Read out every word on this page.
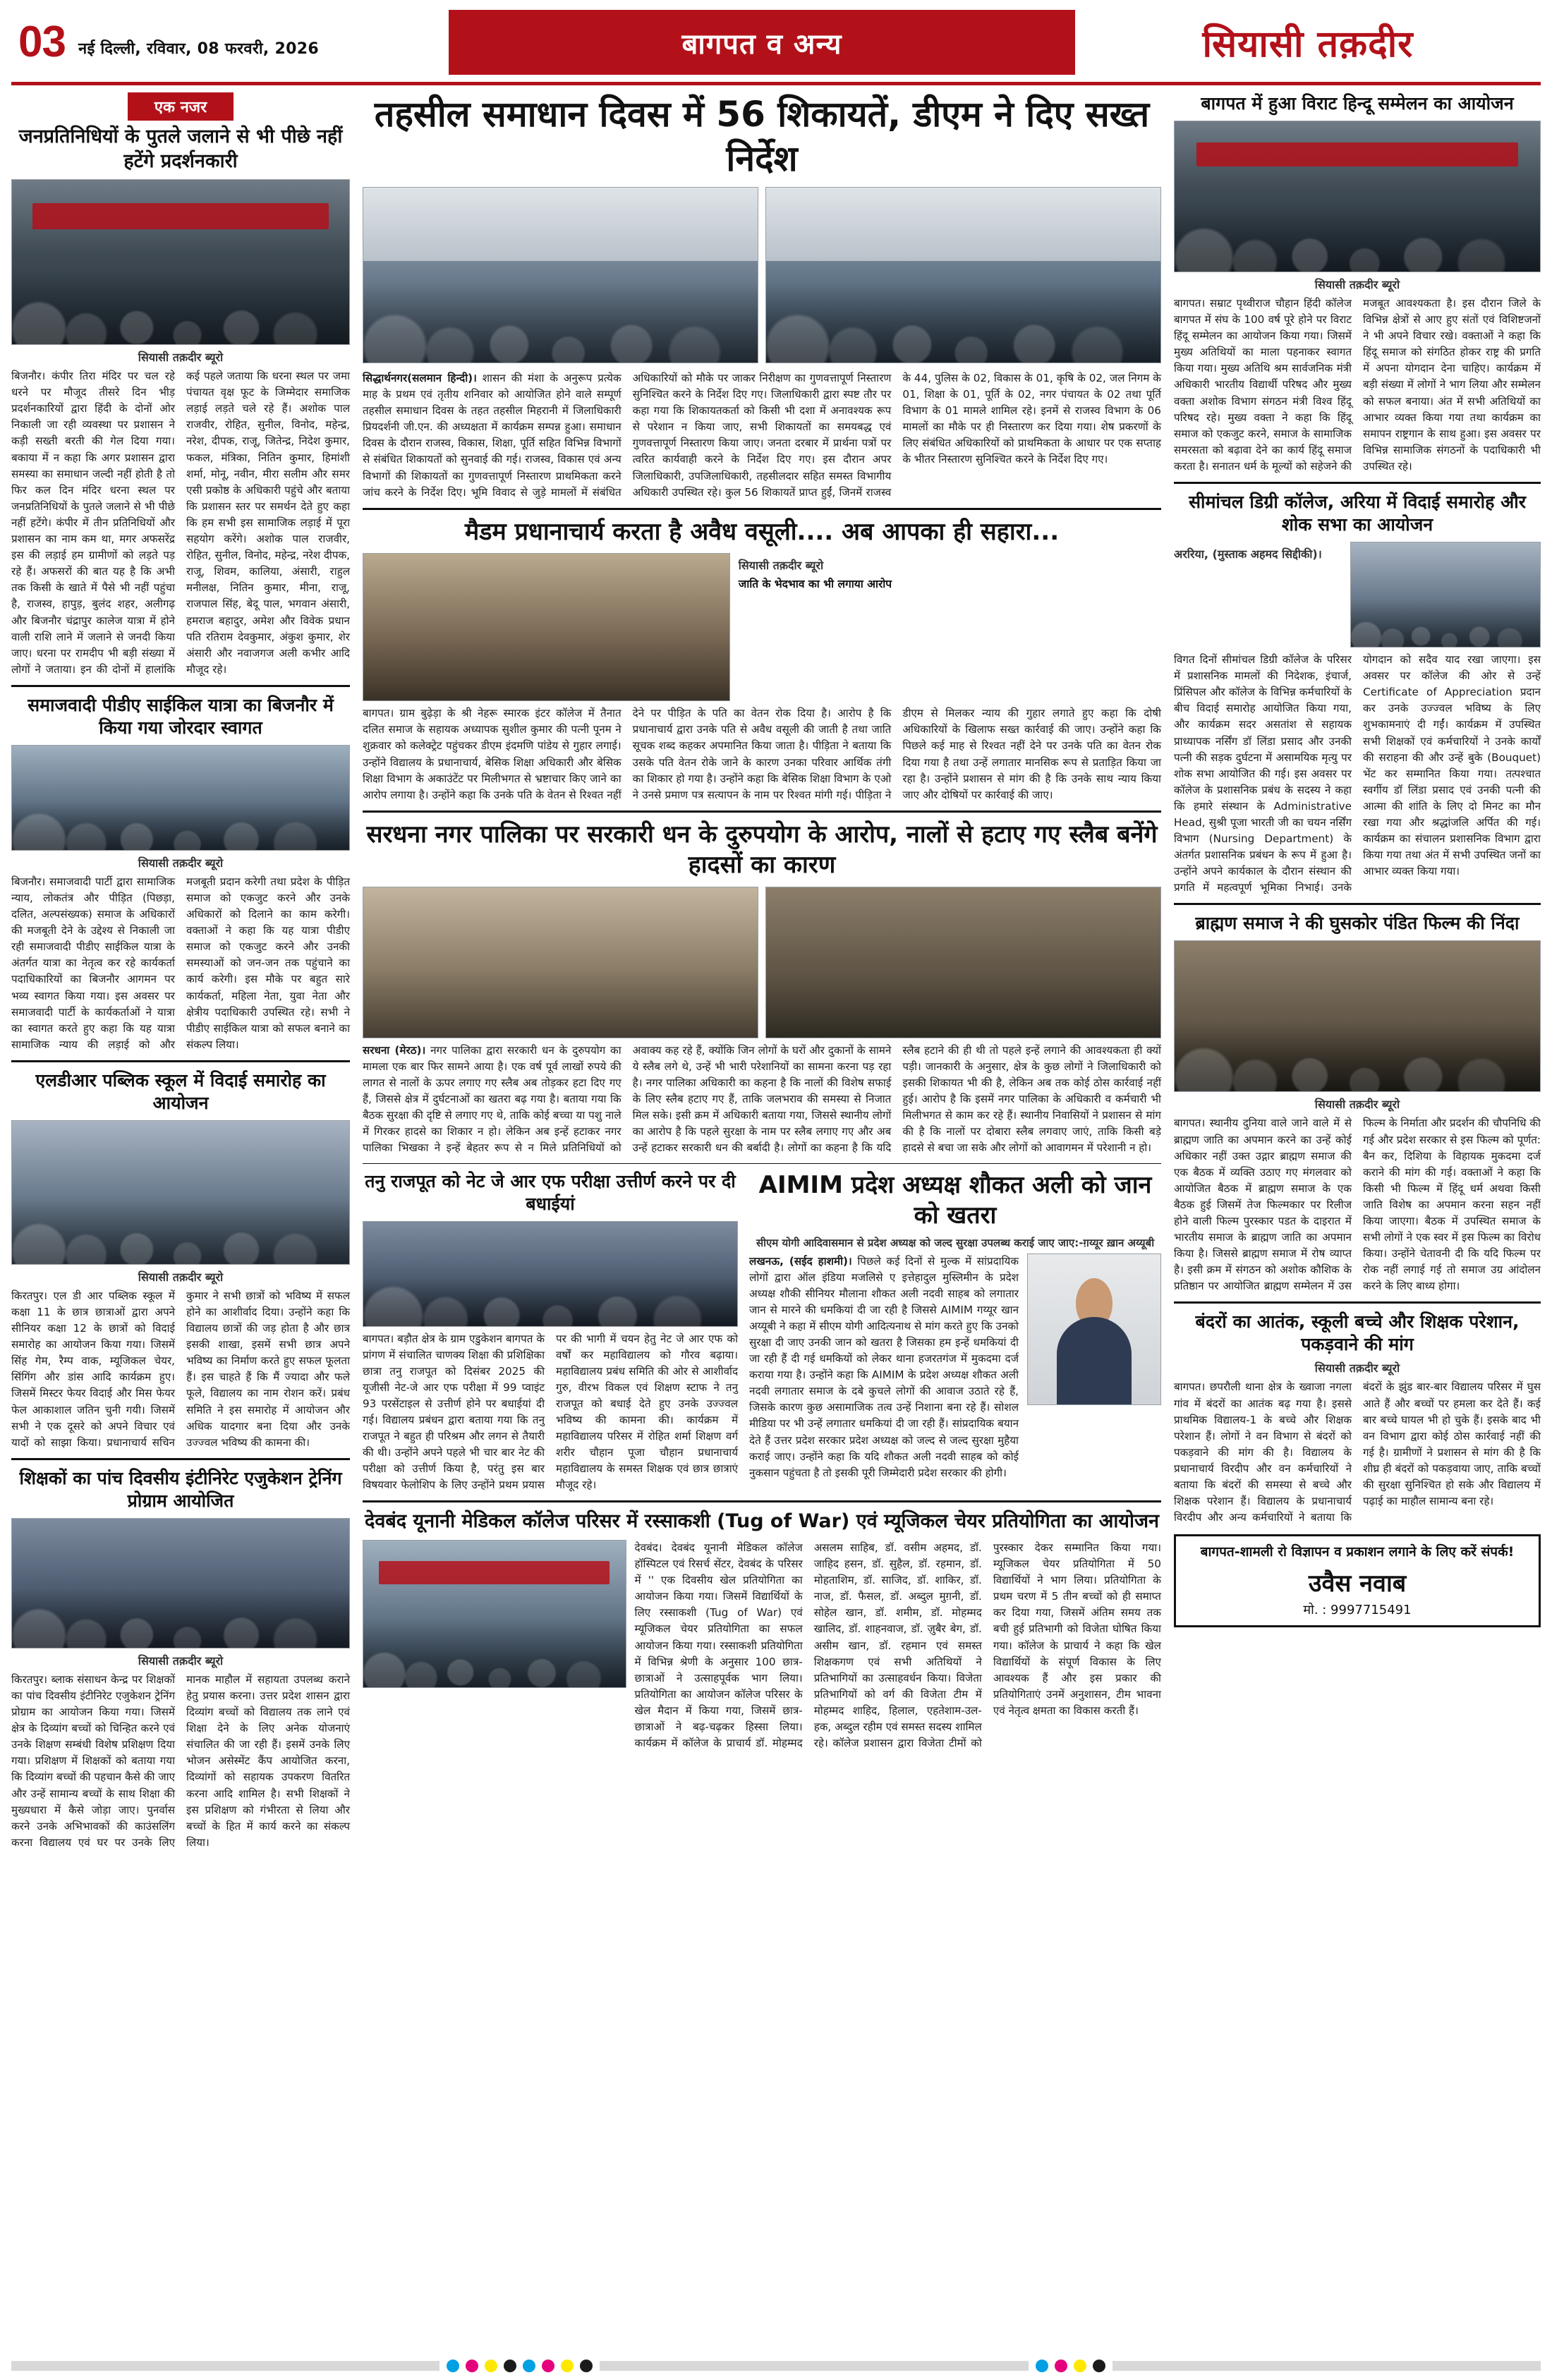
03 नई दिल्ली, रविवार, 08 फरवरी, 2026	बागपत व अन्य	सियासी तक़दीर
एक नजर
जनप्रतिनिधियों के पुतले जलाने से भी पीछे नहीं हटेंगे प्रदर्शनकारी
सियासी तक़दीर ब्यूरो
बिजनौर। कंपीर तिरा मंदिर पर चल रहे धरने पर मौजूद तीसरे दिन भीड़ प्रदर्शनकारियों द्वारा हिंदी के दोनों ओर निकाली जा रही व्यवस्था पर प्रशासन ने कड़ी सख्ती बरती की गेल दिया गया। बकाया में न कहा कि अगर प्रशासन द्वारा समस्या का समाधान जल्दी नहीं होती है तो फिर कल दिन मंदिर धरना स्थल पर जनप्रतिनिधियों के पुतले जलाने से भी पीछे नहीं हटेंगे। कंपीर में तीन प्रतिनिधियों और प्रशासन का नाम कम था, मगर अफसरेंद्र इस की लड़ाई हम ग्रामीणों को लड़ते पड़ रहे हैं। अफसरों की बात यह है कि अभी तक किसी के खाते में पैसे भी नहीं पहुंचा है, राजस्व, हापुड़, बुलंद शहर, अलीगढ़ और बिजनौर चंद्रापुर कालेज यात्रा में होने वाली राशि लाने में जलाने से जनदी किया जाए। धरना पर रामदीप भी बड़ी संख्या में लोगों ने जताया। इन की दोनों में हालांकि कई पहले जताया कि धरना स्थल पर जमा पंचायत वृक्ष फूट के जिम्मेदार समाजिक लड़ाई लड़ते चले रहे हैं। अशोक पाल राजवीर, रोहित, सुनील, विनोद, महेन्द्र, नरेश, दीपक, राजू, जितेन्द्र, निदेश कुमार, फकल, मंत्रिका, नितिन कुमार, हिमांशी शर्मा, मोनू, नवीन, मीरा सलीम और समर एसी प्रकोष्ठ के अधिकारी पहुंचे और बताया कि प्रशासन स्तर पर समर्थन देते हुए कहा कि हम सभी इस सामाजिक लड़ाई में पूरा सहयोग करेंगे। अशोक पाल राजवीर, रोहित, सुनील, विनोद, महेन्द्र, नरेश दीपक, राजू, शिवम, कालिया, अंसारी, राहुल मनीलक्ष, नितिन कुमार, मीना, राजू, राजपाल सिंह, बेदू पाल, भगवान अंसारी, हमराज बहादुर, अमेश और विवेक प्रधान पति रतिराम देवकुमार, अंकुश कुमार, शेर अंसारी और नवाजगज अली कभीर आदि मौजूद रहे।
समाजवादी पीडीए साईकिल यात्रा का बिजनौर में किया गया जोरदार स्वागत
सियासी तक़दीर ब्यूरो
बिजनौर। समाजवादी पार्टी द्वारा सामाजिक न्याय, लोकतंत्र और पीड़ित (पिछड़ा, दलित, अल्पसंख्यक) समाज के अधिकारों की मजबूती देने के उद्देश्य से निकाली जा रही समाजवादी पीडीए साईकिल यात्रा के अंतर्गत यात्रा का नेतृत्व कर रहे कार्यकर्ता पदाधिकारियों का बिजनौर आगमन पर भव्य स्वागत किया गया। इस अवसर पर समाजवादी पार्टी के कार्यकर्ताओं ने यात्रा का स्वागत करते हुए कहा कि यह यात्रा सामाजिक न्याय की लड़ाई को और मजबूती प्रदान करेगी तथा प्रदेश के पीड़ित समाज को एकजुट करने और उनके अधिकारों को दिलाने का काम करेगी। वक्ताओं ने कहा कि यह यात्रा पीडीए समाज को एकजुट करने और उनकी समस्याओं को जन-जन तक पहुंचाने का कार्य करेगी। इस मौके पर बहुत सारे कार्यकर्ता, महिला नेता, युवा नेता और क्षेत्रीय पदाधिकारी उपस्थित रहे। सभी ने पीडीए साईकिल यात्रा को सफल बनाने का संकल्प लिया।
एलडीआर पब्लिक स्कूल में विदाई समारोह का आयोजन
सियासी तक़दीर ब्यूरो
किरतपुर। एल डी आर पब्लिक स्कूल में कक्षा 11 के छात्र छात्राओं द्वारा अपने सीनियर कक्षा 12 के छात्रों को विदाई समारोह का आयोजन किया गया। जिसमें सिंह गेम, रैम्प वाक, म्यूजिकल चेयर, सिंगिंग और डांस आदि कार्यक्रम हुए। जिसमें मिस्टर फेयर विदाई और मिस फेयर फेल आकाशाल जतिन चुनी गयी। जिसमें सभी ने एक दूसरे को अपने विचार एवं यादों को साझा किया। प्रधानाचार्य सचिन कुमार ने सभी छात्रों को भविष्य में सफल होने का आशीर्वाद दिया। उन्होंने कहा कि विद्यालय छात्रों की जड़ होता है और छात्र इसकी शाखा, इसमें सभी छात्र अपने भविष्य का निर्माण करते हुए सफल फूलता हैं। इस चाहते हैं कि मैं ज्यादा और फले फूले, विद्यालय का नाम रोशन करें। प्रबंध समिति ने इस समारोह में आयोजन और अधिक यादगार बना दिया और उनके उज्ज्वल भविष्य की कामना की।
शिक्षकों का पांच दिवसीय इंटीनिरेट एजुकेशन ट्रेनिंग प्रोग्राम आयोजित
सियासी तक़दीर ब्यूरो
किरतपुर। ब्लाक संसाधन केन्द्र पर शिक्षकों का पांच दिवसीय इंटीनिरेट एजुकेशन ट्रेनिंग प्रोग्राम का आयोजन किया गया। जिसमें क्षेत्र के दिव्यांग बच्चों को चिन्हित करने एवं उनके शिक्षण सम्बंधी विशेष प्रशिक्षण दिया गया। प्रशिक्षण में शिक्षकों को बताया गया कि दिव्यांग बच्चों की पहचान कैसे की जाए और उन्हें सामान्य बच्चों के साथ शिक्षा की मुख्यधारा में कैसे जोड़ा जाए। पुनर्वास करने उनके अभिभावकों की काउंसलिंग करना विद्यालय एवं घर पर उनके लिए मानक माहौल में सहायता उपलब्ध कराने हेतु प्रयास करना। उत्तर प्रदेश शासन द्वारा दिव्यांग बच्चों को विद्यालय तक लाने एवं शिक्षा देने के लिए अनेक योजनाएं संचालित की जा रही हैं। इसमें उनके लिए भोजन असेस्मेंट कैंप आयोजित करना, दिव्यांगों को सहायक उपकरण वितरित करना आदि शामिल है। सभी शिक्षकों ने इस प्रशिक्षण को गंभीरता से लिया और बच्चों के हित में कार्य करने का संकल्प लिया।
तहसील समाधान दिवस में 56 शिकायतें, डीएम ने दिए सख्त निर्देश
सिद्धार्थनगर(सलमान हिन्दी)। शासन की मंशा के अनुरूप प्रत्येक माह के प्रथम एवं तृतीय शनिवार को आयोजित होने वाले सम्पूर्ण तहसील समाधान दिवस के तहत तहसील मिहरानी में जिलाधिकारी प्रियदर्शनी जी.एन. की अध्यक्षता में कार्यक्रम सम्पन्न हुआ। समाधान दिवस के दौरान राजस्व, विकास, शिक्षा, पूर्ति सहित विभिन्न विभागों से संबंधित शिकायतों को सुनवाई की गई। राजस्व, विकास एवं अन्य विभागों की शिकायतों का गुणवत्तापूर्ण निस्तारण प्राथमिकता करने जांच करने के निर्देश दिए। भूमि विवाद से जुड़े मामलों में संबंधित अधिकारियों को मौके पर जाकर निरीक्षण का गुणवत्तापूर्ण निस्तारण सुनिश्चित करने के निर्देश दिए गए। जिलाधिकारी द्वारा स्पष्ट तौर पर कहा गया कि शिकायतकर्ता को किसी भी दशा में अनावश्यक रूप से परेशान न किया जाए, सभी शिकायतों का समयबद्ध एवं गुणवत्तापूर्ण निस्तारण किया जाए। जनता दरबार में प्रार्थना पत्रों पर त्वरित कार्यवाही करने के निर्देश दिए गए। इस दौरान अपर जिलाधिकारी, उपजिलाधिकारी, तहसीलदार सहित समस्त विभागीय अधिकारी उपस्थित रहे। कुल 56 शिकायतें प्राप्त हुईं, जिनमें राजस्व के 44, पुलिस के 02, विकास के 01, कृषि के 02, जल निगम के 01, शिक्षा के 01, पूर्ति के 02, नगर पंचायत के 02 तथा पूर्ति विभाग के 01 मामले शामिल रहे। इनमें से राजस्व विभाग के 06 मामलों का मौके पर ही निस्तारण कर दिया गया। शेष प्रकरणों के लिए संबंधित अधिकारियों को प्राथमिकता के आधार पर एक सप्ताह के भीतर निस्तारण सुनिश्चित करने के निर्देश दिए गए।
मैडम प्रधानाचार्य करता है अवैध वसूली.... अब आपका ही सहारा...
सियासी तक़दीर ब्यूरो
जाति के भेदभाव का भी लगाया आरोप
बागपत। ग्राम बुढ़ेड़ा के श्री नेहरू स्मारक इंटर कॉलेज में तैनात दलित समाज के सहायक अध्यापक सुशील कुमार की पत्नी पूनम ने शुक्रवार को कलेक्ट्रेट पहुंचकर डीएम इंदमणि पांडेय से गुहार लगाई। उन्होंने विद्यालय के प्रधानाचार्य, बेसिक शिक्षा अधिकारी और बेसिक शिक्षा विभाग के अकाउंटेंट पर मिलीभगत से भ्रष्टाचार किए जाने का आरोप लगाया है। उन्होंने कहा कि उनके पति के वेतन से रिश्वत नहीं देने पर पीड़ित के पति का वेतन रोक दिया है। आरोप है कि प्रधानाचार्य द्वारा उनके पति से अवैध वसूली की जाती है तथा जाति सूचक शब्द कहकर अपमानित किया जाता है। पीड़िता ने बताया कि उसके पति वेतन रोके जाने के कारण उनका परिवार आर्थिक तंगी का शिकार हो गया है। उन्होंने कहा कि बेसिक शिक्षा विभाग के एओ ने उनसे प्रमाण पत्र सत्यापन के नाम पर रिश्वत मांगी गई। पीड़िता ने डीएम से मिलकर न्याय की गुहार लगाते हुए कहा कि दोषी अधिकारियों के खिलाफ सख्त कार्रवाई की जाए। उन्होंने कहा कि पिछले कई माह से रिश्वत नहीं देने पर उनके पति का वेतन रोक दिया गया है तथा उन्हें लगातार मानसिक रूप से प्रताड़ित किया जा रहा है। उन्होंने प्रशासन से मांग की है कि उनके साथ न्याय किया जाए और दोषियों पर कार्रवाई की जाए।
सरधना नगर पालिका पर सरकारी धन के दुरुपयोग के आरोप, नालों से हटाए गए स्लैब बनेंगे हादसों का कारण
सरधना (मेरठ)। नगर पालिका द्वारा सरकारी धन के दुरुपयोग का मामला एक बार फिर सामने आया है। एक वर्ष पूर्व लाखों रुपये की लागत से नालों के ऊपर लगाए गए स्लैब अब तोड़कर हटा दिए गए हैं, जिससे क्षेत्र में दुर्घटनाओं का खतरा बढ़ गया है। बताया गया कि बैठक सुरक्षा की दृष्टि से लगाए गए थे, ताकि कोई बच्चा या पशु नाले में गिरकर हादसे का शिकार न हो। लेकिन अब इन्हें हटाकर नगर पालिका भिखका ने इन्हें बेहतर रूप से न मिले प्रतिनिधियों को अवाक्य कह रहे हैं, क्योंकि जिन लोगों के घरों और दुकानों के सामने ये स्लैब लगे थे, उन्हें भी भारी परेशानियों का सामना करना पड़ रहा है। नगर पालिका अधिकारी का कहना है कि नालों की विशेष सफाई के लिए स्लैब हटाए गए हैं, ताकि जलभराव की समस्या से निजात मिल सके। इसी क्रम में अधिकारी बताया गया, जिससे स्थानीय लोगों का आरोप है कि पहले सुरक्षा के नाम पर स्लैब लगाए गए और अब उन्हें हटाकर सरकारी धन की बर्बादी है। लोगों का कहना है कि यदि स्लैब हटाने की ही थी तो पहले इन्हें लगाने की आवश्यकता ही क्यों पड़ी। जानकारी के अनुसार, क्षेत्र के कुछ लोगों ने जिलाधिकारी को इसकी शिकायत भी की है, लेकिन अब तक कोई ठोस कार्रवाई नहीं हुई। आरोप है कि इसमें नगर पालिका के अधिकारी व कर्मचारी भी मिलीभगत से काम कर रहे हैं। स्थानीय निवासियों ने प्रशासन से मांग की है कि नालों पर दोबारा स्लैब लगवाए जाएं, ताकि किसी बड़े हादसे से बचा जा सके और लोगों को आवागमन में परेशानी न हो।
तनु राजपूत को नेट जे आर एफ परीक्षा उत्तीर्ण करने पर दी बधाईयां
बागपत। बड़ौत क्षेत्र के ग्राम एडुकेशन बागपत के प्रांगण में संचालित चाणक्य शिक्षा की प्रशिक्षिका छात्रा तनु राजपूत को दिसंबर 2025 की यूजीसी नेट-जे आर एफ परीक्षा में 99 प्वाइंट 93 परसेंटाइल से उत्तीर्ण होने पर बधाईयां दी गई। विद्यालय प्रबंधन द्वारा बताया गया कि तनु राजपूत ने बहुत ही परिश्रम और लगन से तैयारी की थी। उन्होंने अपने पहले भी चार बार नेट की परीक्षा को उत्तीर्ण किया है, परंतु इस बार विषयवार फेलोशिप के लिए उन्होंने प्रथम प्रयास पर की भागी में चयन हेतु नेट जे आर एफ को वर्षों कर महाविद्यालय को गौरव बढ़ाया। महाविद्यालय प्रबंध समिति की ओर से आशीर्वाद गुरु, वीरभ विकल एवं शिक्षण स्टाफ ने तनु राजपूत को बधाई देते हुए उनके उज्ज्वल भविष्य की कामना की। कार्यक्रम में महाविद्यालय परिसर में रोहित शर्मा शिक्षण वर्ग शरीर चौहान पूजा चौहान प्रधानाचार्य महाविद्यालय के समस्त शिक्षक एवं छात्र छात्राएं मौजूद रहे।
AIMIM प्रदेश अध्यक्ष शौकत अली को जान को खतरा
सीएम योगी आदिवासमान से प्रदेश अध्यक्ष को जल्द सुरक्षा उपलब्ध कराई जाए जाए:-ग़य्यूर ख़ान अय्यूबी
लखनऊ, (सईद हाशमी)। पिछले कई दिनों से मुल्क में सांप्रदायिक लोगों द्वारा ऑल इंडिया मजलिसे ए इत्तेहादुल मुस्लिमीन के प्रदेश अध्यक्ष शौकी सीनियर मौलाना शौकत अली नदवी साहब को लगातार जान से मारने की धमकियां दी जा रही है जिससे AIMIM गय्यूर खान अय्यूबी ने कहा में सीएम योगी आदित्यनाथ से मांग करते हुए कि उनको सुरक्षा दी जाए उनकी जान को खतरा है जिसका हम इन्हें धमकियां दी जा रही हैं दी गई धमकियों को लेकर थाना हजरतगंज में मुकदमा दर्ज कराया गया है। उन्होंने कहा कि AIMIM के प्रदेश अध्यक्ष शौकत अली नदवी लगातार समाज के दबे कुचले लोगों की आवाज उठाते रहे हैं, जिसके कारण कुछ असामाजिक तत्व उन्हें निशाना बना रहे हैं। सोशल मीडिया पर भी उन्हें लगातार धमकियां दी जा रही हैं। सांप्रदायिक बयान देते हैं उत्तर प्रदेश सरकार प्रदेश अध्यक्ष को जल्द से जल्द सुरक्षा मुहैया कराई जाए। उन्होंने कहा कि यदि शौकत अली नदवी साहब को कोई नुकसान पहुंचता है तो इसकी पूरी जिम्मेदारी प्रदेश सरकार की होगी।
देवबंद यूनानी मेडिकल कॉलेज परिसर में रस्साकशी (Tug of War) एवं म्यूजिकल चेयर प्रतियोगिता का आयोजन
देवबंद। देवबंद यूनानी मेडिकल कॉलेज हॉस्पिटल एवं रिसर्च सेंटर, देवबंद के परिसर में '' एक दिवसीय खेल प्रतियोगिता का आयोजन किया गया। जिसमें विद्यार्थियों के लिए रस्साकशी (Tug of War) एवं म्यूजिकल चेयर प्रतियोगिता का सफल आयोजन किया गया। रस्साकशी प्रतियोगिता में विभिन्न श्रेणी के अनुसार 100 छात्र-छात्राओं ने उत्साहपूर्वक भाग लिया। प्रतियोगिता का आयोजन कॉलेज परिसर के खेल मैदान में किया गया, जिसमें छात्र-छात्राओं ने बढ़-चढ़कर हिस्सा लिया। कार्यक्रम में कॉलेज के प्राचार्य डॉ. मोहम्मद असलम साहिब, डॉ. वसीम अहमद, डॉ. जाहिद हसन, डॉ. सुहैल, डॉ. रहमान, डॉ. मोहताशिम, डॉ. साजिद, डॉ. शाकिर, डॉ. नाज, डॉ. फैसल, डॉ. अब्दुल मुग़नी, डॉ. सोहेल खान, डॉ. शमीम, डॉ. मोहम्मद खालिद, डॉ. शाहनवाज, डॉ. ज़ुबैर बेग, डॉ. असीम खान, डॉ. रहमान एवं समस्त शिक्षकगण एवं सभी अतिथियों ने प्रतिभागियों का उत्साहवर्धन किया। विजेता प्रतिभागियों को वर्ग की विजेता टीम में मोहम्मद शाहिद, हिलाल, एहतेशाम-उल-हक, अब्दुल रहीम एवं समस्त सदस्य शामिल रहे। कॉलेज प्रशासन द्वारा विजेता टीमों को पुरस्कार देकर सम्मानित किया गया। म्यूजिकल चेयर प्रतियोगिता में 50 विद्यार्थियों ने भाग लिया। प्रतियोगिता के प्रथम चरण में 5 तीन बच्चों को ही समाप्त कर दिया गया, जिसमें अंतिम समय तक बची हुई प्रतिभागी को विजेता घोषित किया गया। कॉलेज के प्राचार्य ने कहा कि खेल विद्यार्थियों के संपूर्ण विकास के लिए आवश्यक हैं और इस प्रकार की प्रतियोगिताएं उनमें अनुशासन, टीम भावना एवं नेतृत्व क्षमता का विकास करती हैं।
बागपत में हुआ विराट हिन्दू सम्मेलन का आयोजन
सियासी तक़दीर ब्यूरो
बागपत। सम्राट पृथ्वीराज चौहान हिंदी कॉलेज बागपत में संघ के 100 वर्ष पूरे होने पर विराट हिंदू सम्मेलन का आयोजन किया गया। जिसमें मुख्य अतिथियों का माला पहनाकर स्वागत किया गया। मुख्य अतिथि श्रम सार्वजनिक मंत्री अधिकारी भारतीय विद्यार्थी परिषद और मुख्य वक्ता अशोक विभाग संगठन मंत्री विश्व हिंदू परिषद रहे। मुख्य वक्ता ने कहा कि हिंदू समाज को एकजुट करने, समाज के सामाजिक समरसता को बढ़ावा देने का कार्य हिंदू समाज करता है। सनातन धर्म के मूल्यों को सहेजने की मजबूत आवश्यकता है। इस दौरान जिले के विभिन्न क्षेत्रों से आए हुए संतों एवं विशिष्टजनों ने भी अपने विचार रखे। वक्ताओं ने कहा कि हिंदू समाज को संगठित होकर राष्ट्र की प्रगति में अपना योगदान देना चाहिए। कार्यक्रम में बड़ी संख्या में लोगों ने भाग लिया और सम्मेलन को सफल बनाया। अंत में सभी अतिथियों का आभार व्यक्त किया गया तथा कार्यक्रम का समापन राष्ट्रगान के साथ हुआ। इस अवसर पर विभिन्न सामाजिक संगठनों के पदाधिकारी भी उपस्थित रहे।
सीमांचल डिग्री कॉलेज, अरिया में विदाई समारोह और शोक सभा का आयोजन
अररिया, (मुस्ताक अहमद सिद्दीकी)।
विगत दिनों सीमांचल डिग्री कॉलेज के परिसर में प्रशासनिक मामलों की निदेशक, इंचार्ज, प्रिंसिपल और कॉलेज के विभिन्न कर्मचारियों के बीच विदाई समारोह आयोजित किया गया, और कार्यक्रम सदर असतांश से सहायक प्राध्यापक नर्सिंग डॉ लिंडा प्रसाद और उनकी पत्नी की सड़क दुर्घटना में असामयिक मृत्यु पर शोक सभा आयोजित की गई। इस अवसर पर कॉलेज के प्रशासनिक प्रबंध के सदस्य ने कहा कि हमारे संस्थान के Administrative Head, सुश्री पूजा भारती जी का चयन नर्सिंग विभाग (Nursing Department) के अंतर्गत प्रशासनिक प्रबंधन के रूप में हुआ है। उन्होंने अपने कार्यकाल के दौरान संस्थान की प्रगति में महत्वपूर्ण भूमिका निभाई। उनके योगदान को सदैव याद रखा जाएगा। इस अवसर पर कॉलेज की ओर से उन्हें Certificate of Appreciation प्रदान कर उनके उज्ज्वल भविष्य के लिए शुभकामनाएं दी गईं। कार्यक्रम में उपस्थित सभी शिक्षकों एवं कर्मचारियों ने उनके कार्यों की सराहना की और उन्हें बुके (Bouquet) भेंट कर सम्मानित किया गया। तत्पश्चात स्वर्गीय डॉ लिंडा प्रसाद एवं उनकी पत्नी की आत्मा की शांति के लिए दो मिनट का मौन रखा गया और श्रद्धांजलि अर्पित की गई। कार्यक्रम का संचालन प्रशासनिक विभाग द्वारा किया गया तथा अंत में सभी उपस्थित जनों का आभार व्यक्त किया गया।
ब्राह्मण समाज ने की घुसकोर पंडित फिल्म की निंदा
सियासी तक़दीर ब्यूरो
बागपत। स्थानीय दुनिया वाले जाने वाले में से ब्राह्मण जाति का अपमान करने का उन्हें कोई अधिकार नहीं उक्त उद्गार ब्राह्मण समाज की एक बैठक में व्यक्ति उठाए गए मंगलवार को आयोजित बैठक में ब्राह्मण समाज के एक बैठक हुई जिसमें तेज फिल्मकार पर रिलीज होने वाली फिल्म पुरस्कार पडत के दाइरात में भारतीय समाज के ब्राह्मण जाति का अपमान किया है। जिससे ब्राह्मण समाज में रोष व्याप्त है। इसी क्रम में संगठन को अशोक कौशिक के प्रतिष्ठान पर आयोजित ब्राह्मण सम्मेलन में उस फिल्म के निर्माता और प्रदर्शन की चौपनिधि की गई और प्रदेश सरकार से इस फिल्म को पूर्णत: बैन कर, दिशिया के विहायक मुकदमा दर्ज कराने की मांग की गई। वक्ताओं ने कहा कि किसी भी फिल्म में हिंदू धर्म अथवा किसी जाति विशेष का अपमान करना सहन नहीं किया जाएगा। बैठक में उपस्थित समाज के सभी लोगों ने एक स्वर में इस फिल्म का विरोध किया। उन्होंने चेतावनी दी कि यदि फिल्म पर रोक नहीं लगाई गई तो समाज उग्र आंदोलन करने के लिए बाध्य होगा।
बंदरों का आतंक, स्कूली बच्चे और शिक्षक परेशान, पकड़वाने की मांग
सियासी तक़दीर ब्यूरो
बागपत। छपरौली थाना क्षेत्र के ख्वाजा नगला गांव में बंदरों का आतंक बढ़ गया है। इससे प्राथमिक विद्यालय-1 के बच्चे और शिक्षक परेशान हैं। लोगों ने वन विभाग से बंदरों को पकड़वाने की मांग की है। विद्यालय के प्रधानाचार्य विरदीप और वन कर्मचारियों ने बताया कि बंदरों की समस्या से बच्चे और शिक्षक परेशान हैं। विद्यालय के प्रधानाचार्य विरदीप और अन्य कर्मचारियों ने बताया कि बंदरों के झुंड बार-बार विद्यालय परिसर में घुस आते हैं और बच्चों पर हमला कर देते हैं। कई बार बच्चे घायल भी हो चुके हैं। इसके बाद भी वन विभाग द्वारा कोई ठोस कार्रवाई नहीं की गई है। ग्रामीणों ने प्रशासन से मांग की है कि शीघ्र ही बंदरों को पकड़वाया जाए, ताकि बच्चों की सुरक्षा सुनिश्चित हो सके और विद्यालय में पढ़ाई का माहौल सामान्य बना रहे।
बागपत-शामली रो विज्ञापन व प्रकाशन लगाने के लिए करें संपर्क!
उवैस नवाब
मो. : 9997715491
